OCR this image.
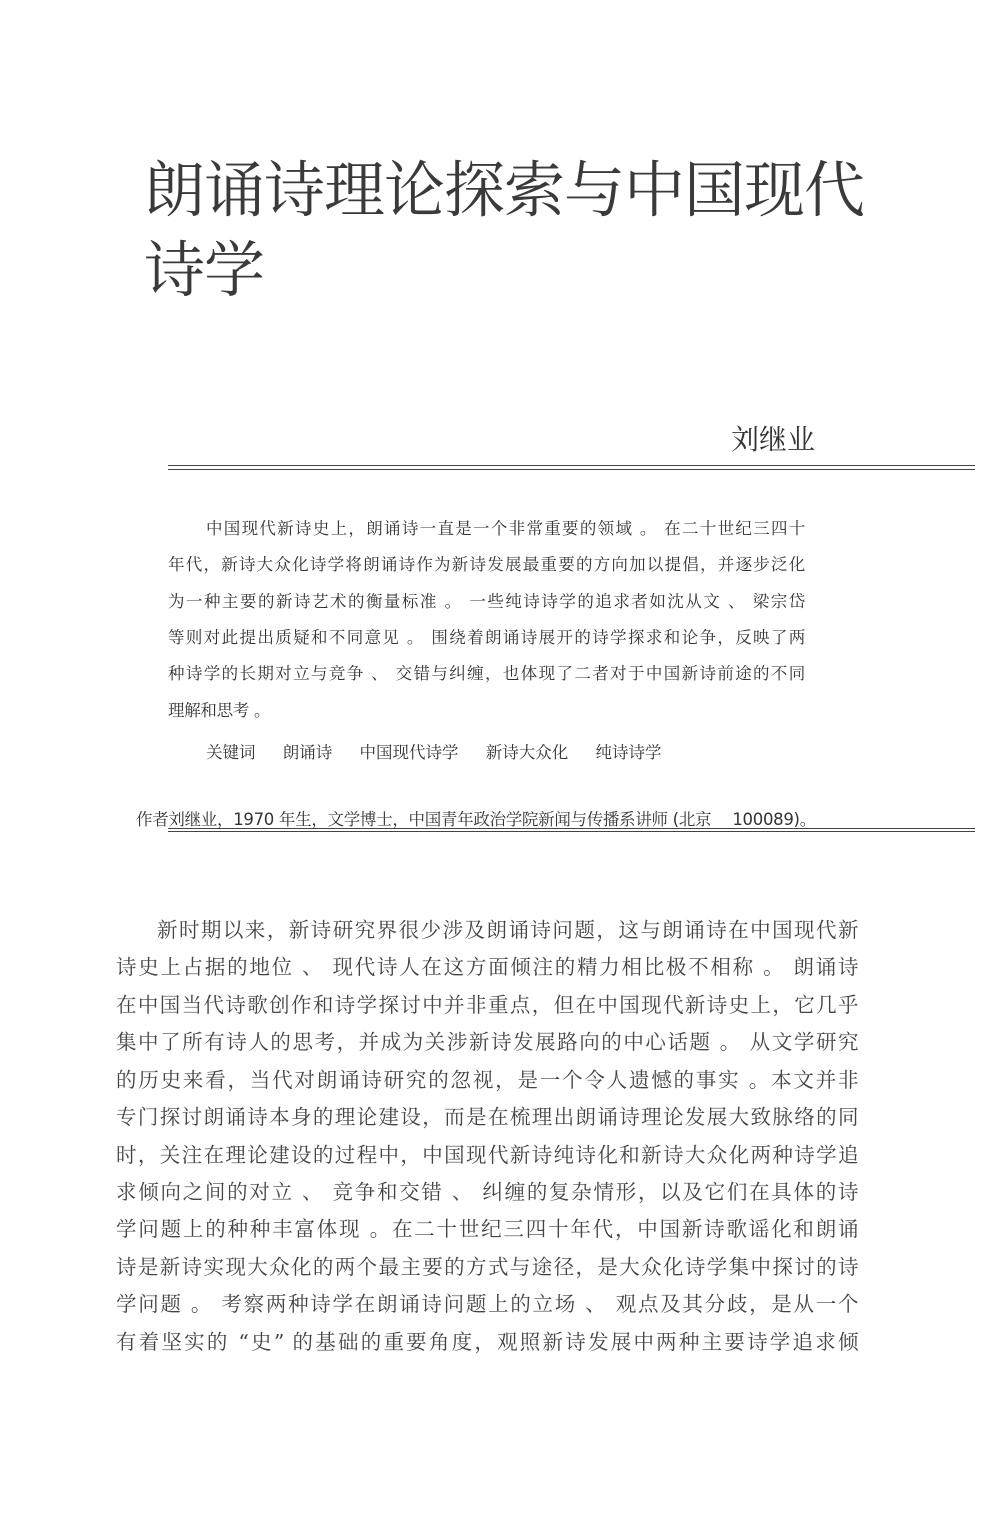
朗诵诗理论探索与中国现代
诗学
刘继业
中国现代新诗史上，朗诵诗一直是一个非常重要的领域 。 在二十世纪三四十
年代，新诗大众化诗学将朗诵诗作为新诗发展最重要的方向加以提倡，并逐步泛化
为一种主要的新诗艺术的衡量标准 。 一些纯诗诗学的追求者如沈从文 、 梁宗岱
等则对此提出质疑和不同意见 。 围绕着朗诵诗展开的诗学探求和论争，反映了两
种诗学的长期对立与竞争 、 交错与纠缠，也体现了二者对于中国新诗前途的不同
理解和思考 。
关键词 朗诵诗 中国现代诗学 新诗大众化 纯诗诗学
作者刘继业，1970 年生，文学博士，中国青年政治学院新闻与传播系讲师 (北京　 100089)。
新时期以来，新诗研究界很少涉及朗诵诗问题，这与朗诵诗在中国现代新
诗史上占据的地位 、 现代诗人在这方面倾注的精力相比极不相称 。 朗诵诗
在中国当代诗歌创作和诗学探讨中并非重点，但在中国现代新诗史上，它几乎
集中了所有诗人的思考，并成为关涉新诗发展路向的中心话题 。 从文学研究
的历史来看，当代对朗诵诗研究的忽视，是一个令人遗憾的事实 。本文并非
专门探讨朗诵诗本身的理论建设，而是在梳理出朗诵诗理论发展大致脉络的同
时，关注在理论建设的过程中，中国现代新诗纯诗化和新诗大众化两种诗学追
求倾向之间的对立 、 竞争和交错 、 纠缠的复杂情形，以及它们在具体的诗
学问题上的种种丰富体现 。在二十世纪三四十年代，中国新诗歌谣化和朗诵
诗是新诗实现大众化的两个最主要的方式与途径，是大众化诗学集中探讨的诗
学问题 。 考察两种诗学在朗诵诗问题上的立场 、 观点及其分歧，是从一个
有着坚实的 “史” 的基础的重要角度，观照新诗发展中两种主要诗学追求倾
